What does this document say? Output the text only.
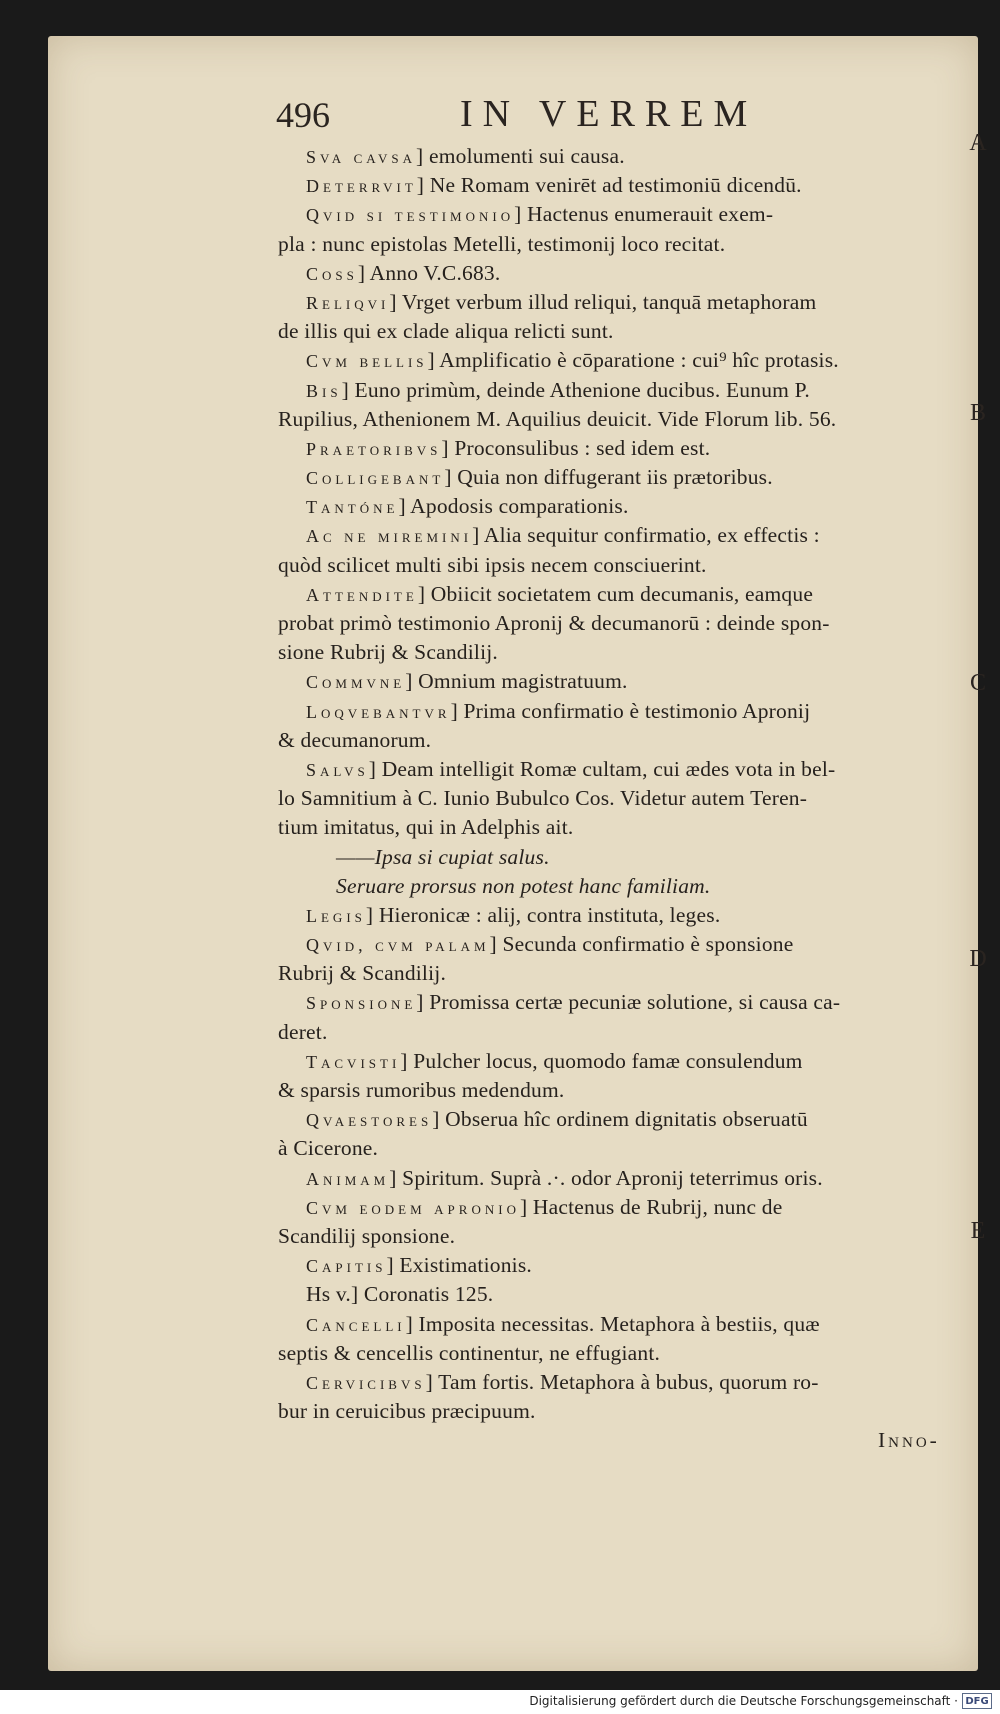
496	IN VERREM
Sva cavsa] emolumenti sui causa.
Deterrvit] Ne Romam venirēt ad testimoniū dicendū.
Qvid si testimonio] Hactenus enumerauit exem-
pla : nunc epistolas Metelli, testimonij loco recitat.
Coss] Anno V.C.683.
Reliqvi] Vrget verbum illud reliqui, tanquā metaphoram
de illis qui ex clade aliqua relicti sunt.
Cvm bellis] Amplificatio è cōparatione : cui⁹ hîc protasis.
Bis] Euno primùm, deinde Athenione ducibus. Eunum P.
Rupilius, Athenionem M. Aquilius deuicit. Vide Florum lib. 56.
Praetoribvs] Proconsulibus : sed idem est.
Colligebant] Quia non diffugerant iis prætoribus.
Tantóne] Apodosis comparationis.
Ac ne miremini] Alia sequitur confirmatio, ex effectis :
quòd scilicet multi sibi ipsis necem consciuerint.
Attendite] Obiicit societatem cum decumanis, eamque
probat primò testimonio Apronij & decumanorū : deinde spon-
sione Rubrij & Scandilij.
Commvne] Omnium magistratuum.
Loqvebantvr] Prima confirmatio è testimonio Apronij
& decumanorum.
Salvs] Deam intelligit Romæ cultam, cui ædes vota in bel-
lo Samnitium à C. Iunio Bubulco Cos. Videtur autem Teren-
tium imitatus, qui in Adelphis ait.
——Ipsa si cupiat salus.
Seruare prorsus non potest hanc familiam.
Legis] Hieronicæ : alij, contra instituta, leges.
Qvid, cvm palam] Secunda confirmatio è sponsione
Rubrij & Scandilij.
Sponsione] Promissa certæ pecuniæ solutione, si causa ca-
deret.
Tacvisti] Pulcher locus, quomodo famæ consulendum
& sparsis rumoribus medendum.
Qvaestores] Obserua hîc ordinem dignitatis obseruatū
à Cicerone.
Animam] Spiritum. Suprà .·. odor Apronij teterrimus oris.
Cvm eodem apronio] Hactenus de Rubrij, nunc de
Scandilij sponsione.
Capitis] Existimationis.
Hs v.] Coronatis 125.
Cancelli] Imposita necessitas. Metaphora à bestiis, quæ
septis & cencellis continentur, ne effugiant.
Cervicibvs] Tam fortis. Metaphora à bubus, quorum ro-
bur in ceruicibus præcipuum.
Inno-
A
B
C
D
E
Digitalisierung gefördert durch die Deutsche Forschungsgemeinschaft · DFG
